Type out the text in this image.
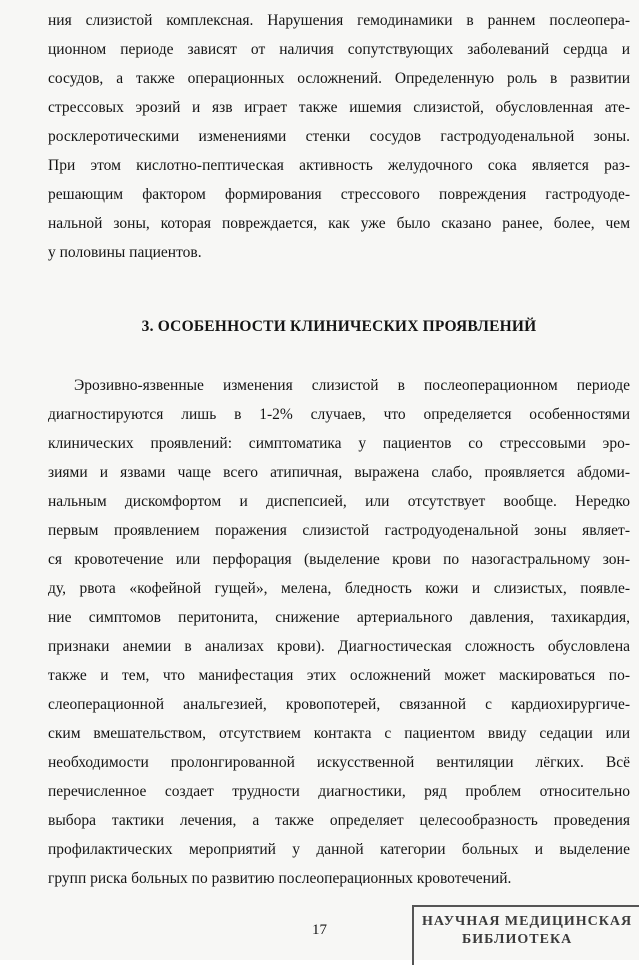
ния слизистой комплексная. Нарушения гемодинамики в раннем послеопера-
ционном периоде зависят от наличия сопутствующих заболеваний сердца и
сосудов, а также операционных осложнений. Определенную роль в развитии
стрессовых эрозий и язв играет также ишемия слизистой, обусловленная ате-
росклеротическими изменениями стенки сосудов гастродуоденальной зоны.
При этом кислотно-пептическая активность желудочного сока является раз-
решающим фактором формирования стрессового повреждения гастродуоде-
нальной зоны, которая повреждается, как уже было сказано ранее, более, чем
у половины пациентов.
3. ОСОБЕННОСТИ КЛИНИЧЕСКИХ ПРОЯВЛЕНИЙ
Эрозивно-язвенные изменения слизистой в послеоперационном периоде
диагностируются лишь в 1-2% случаев, что определяется особенностями
клинических проявлений: симптоматика у пациентов со стрессовыми эро-
зиями и язвами чаще всего атипичная, выражена слабо, проявляется абдоми-
нальным дискомфортом и диспепсией, или отсутствует вообще. Нередко
первым проявлением поражения слизистой гастродуоденальной зоны являет-
ся кровотечение или перфорация (выделение крови по назогастральному зон-
ду, рвота «кофейной гущей», мелена, бледность кожи и слизистых, появле-
ние симптомов перитонита, снижение артериального давления, тахикардия,
признаки анемии в анализах крови). Диагностическая сложность обусловлена
также и тем, что манифестация этих осложнений может маскироваться по-
слеоперационной анальгезией, кровопотерей, связанной с кардиохирургиче-
ским вмешательством, отсутствием контакта с пациентом ввиду седации или
необходимости пролонгированной искусственной вентиляции лёгких. Всё
перечисленное создает трудности диагностики, ряд проблем относительно
выбора тактики лечения, а также определяет целесообразность проведения
профилактических мероприятий у данной категории больных и выделение
групп риска больных по развитию послеоперационных кровотечений.
17
НАУЧНАЯ МЕДИЦИНСКАЯ
БИБЛИОТЕКА
